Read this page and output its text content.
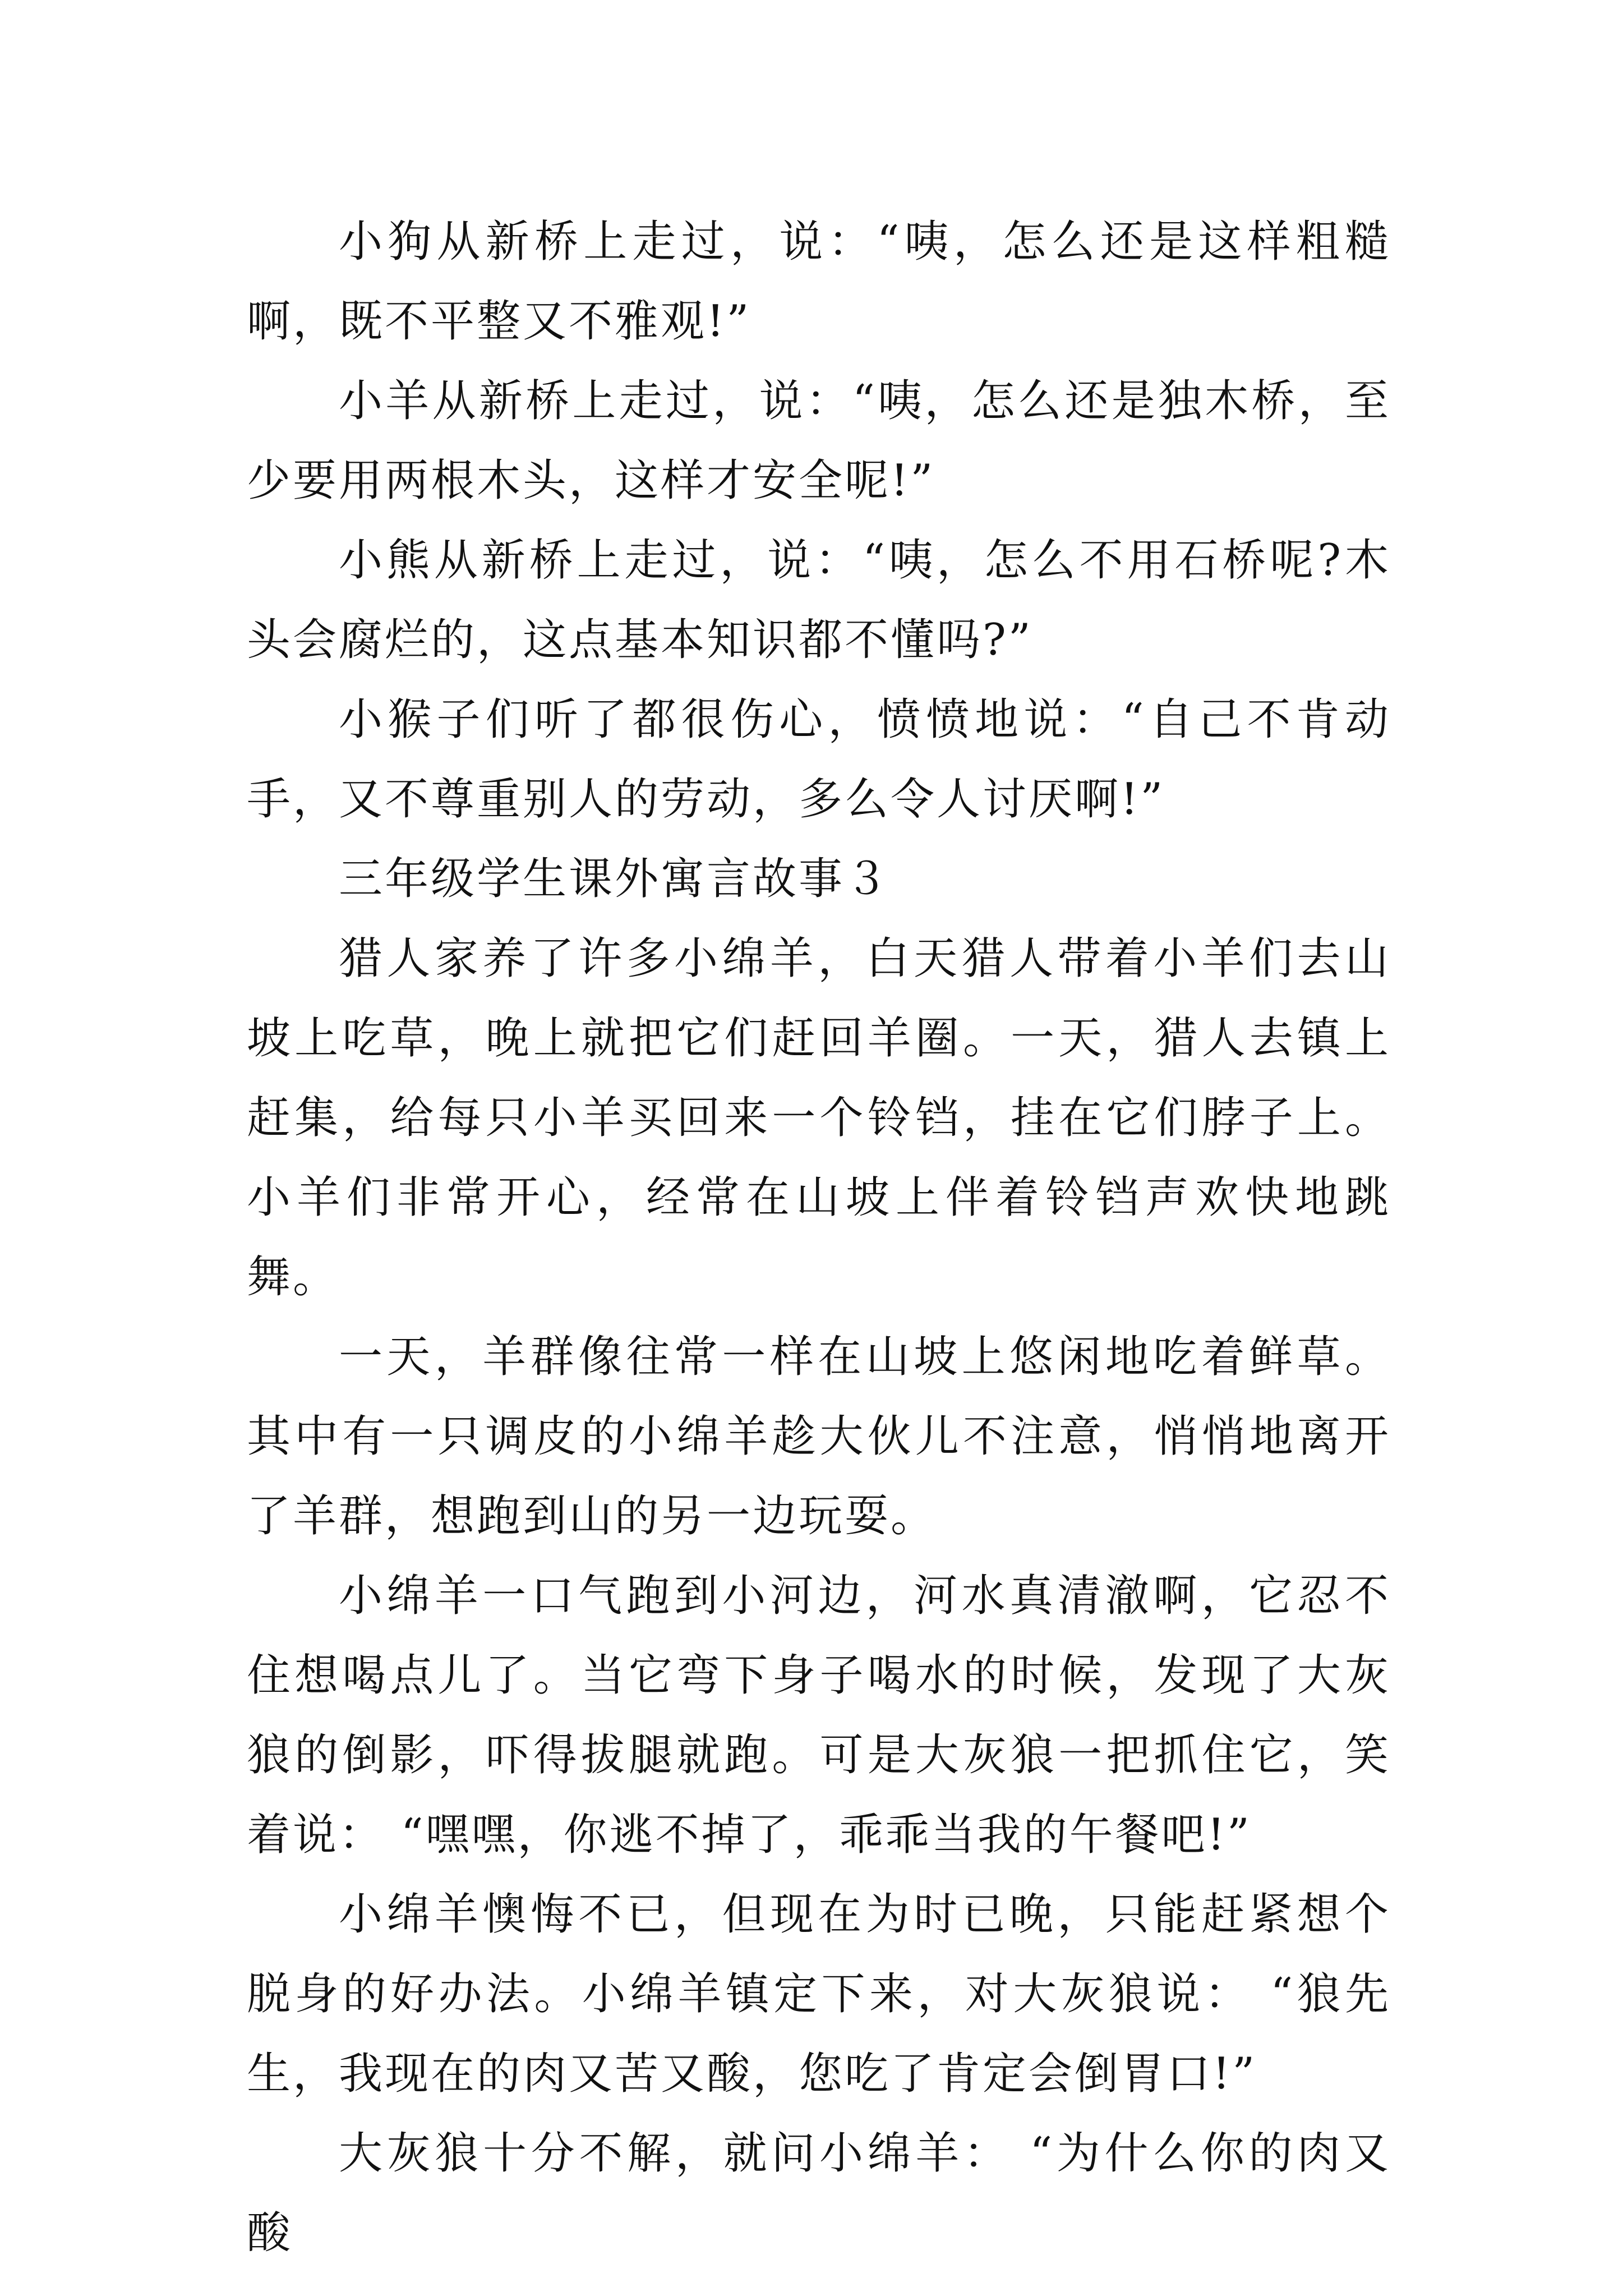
小狗从新桥上走过，说：“咦，怎么还是这样粗糙啊，既不平整又不雅观!”

小羊从新桥上走过，说：“咦，怎么还是独木桥，至少要用两根木头，这样才安全呢!”

小熊从新桥上走过，说：“咦，怎么不用石桥呢?木头会腐烂的，这点基本知识都不懂吗?”

小猴子们听了都很伤心，愤愤地说：“自己不肯动手，又不尊重别人的劳动，多么令人讨厌啊!”

三年级学生课外寓言故事３

猎人家养了许多小绵羊，白天猎人带着小羊们去山坡上吃草，晚上就把它们赶回羊圈。一天，猎人去镇上赶集，给每只小羊买回来一个铃铛，挂在它们脖子上。小羊们非常开心，经常在山坡上伴着铃铛声欢快地跳舞。

一天，羊群像往常一样在山坡上悠闲地吃着鲜草。其中有一只调皮的小绵羊趁大伙儿不注意，悄悄地离开了羊群，想跑到山的另一边玩耍。

小绵羊一口气跑到小河边，河水真清澈啊，它忍不住想喝点儿了。当它弯下身子喝水的时候，发现了大灰狼的倒影，吓得拔腿就跑。可是大灰狼一把抓住它，笑着说： “嘿嘿，你逃不掉了，乖乖当我的午餐吧!”

小绵羊懊悔不已，但现在为时已晚，只能赶紧想个脱身的好办法。小绵羊镇定下来，对大灰狼说： “狼先生，我现在的肉又苦又酸，您吃了肯定会倒胃口!”

大灰狼十分不解，就问小绵羊： “为什么你的肉又酸
